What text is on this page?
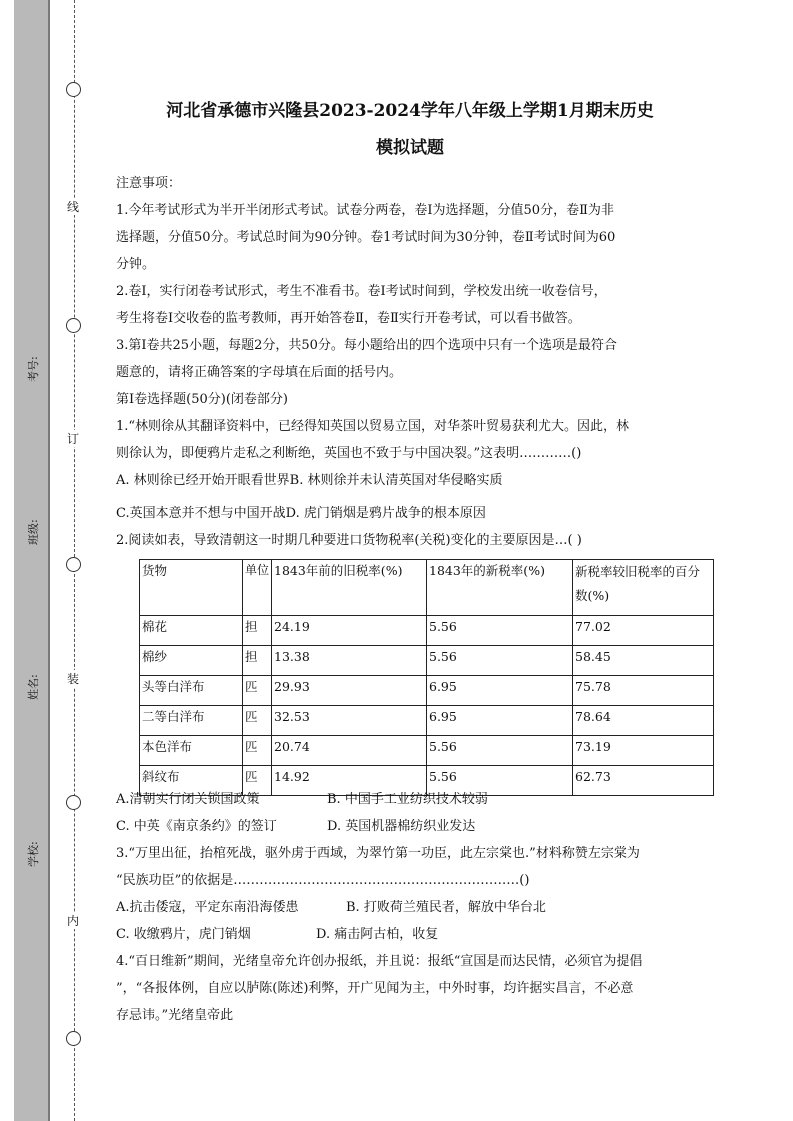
线
订
装
内
考号:
班级:
姓名:
学校:
河北省承德市兴隆县2023-2024学年八年级上学期1月期末历史
模拟试题

注意事项：

1.今年考试形式为半开半闭形式考试。试卷分两卷，卷Ⅰ为选择题，分值50分，卷Ⅱ为非

选择题，分值50分。考试总时间为90分钟。卷1考试时间为30分钟，卷Ⅱ考试时间为60

分钟。

2.卷Ⅰ，实行闭卷考试形式，考生不准看书。卷Ⅰ考试时间到，学校发出统一收卷信号，

考生将卷Ⅰ交收卷的监考教师，再开始答卷Ⅱ，卷Ⅱ实行开卷考试，可以看书做答。

3.第Ⅰ卷共25小题，每题2分，共50分。每小题给出的四个选项中只有一个选项是最符合

题意的，请将正确答案的字母填在后面的括号内。

第Ⅰ卷选择题(50分)(闭卷部分)

1.“林则徐从其翻译资料中，已经得知英国以贸易立国，对华茶叶贸易获利尤大。因此，林

则徐认为，即便鸦片走私之利断绝，英国也不致于与中国决裂。”这表明…………()

A. 林则徐已经开始开眼看世界B. 林则徐并未认清英国对华侵略实质

C.英国本意并不想与中国开战D. 虎门销烟是鸦片战争的根本原因

2.阅读如表，导致清朝这一时期几种要进口货物税率(关税)变化的主要原因是…( )

货物	单位	1843年前的旧税率(%)	1843年的新税率(%)	新税率较旧税率的百分数(%)
棉花	担	24.19	5.56	77.02
棉纱	担	13.38	5.56	58.45
头等白洋布	匹	29.93	6.95	75.78
二等白洋布	匹	32.53	6.95	78.64
本色洋布	匹	20.74	5.56	73.19
斜纹布	匹	14.92	5.56	62.73
A.清朝实行闭关锁国政策	B. 中国手工业纺织技术较弱
C. 中英《南京条约》的签订	D. 英国机器棉纺织业发达

3.“万里出征，抬棺死战，驱外虏于西域，为翠竹第一功臣，此左宗棠也.”材料称赞左宗棠为

“民族功臣”的依据是…………………………………………………………()

A.抗击倭寇，平定东南沿海倭患	B. 打败荷兰殖民者，解放中华台北

C. 收缴鸦片，虎门销烟	D. 痛击阿古柏，收复

4.“百日维新”期间，光绪皇帝允许创办报纸，并且说：报纸“宣国是而达民情，必须官为提倡

”，“各报体例，自应以胪陈(陈述)利弊，开广见闻为主，中外时事，均许据实昌言，不必意

存忌讳。”光绪皇帝此
